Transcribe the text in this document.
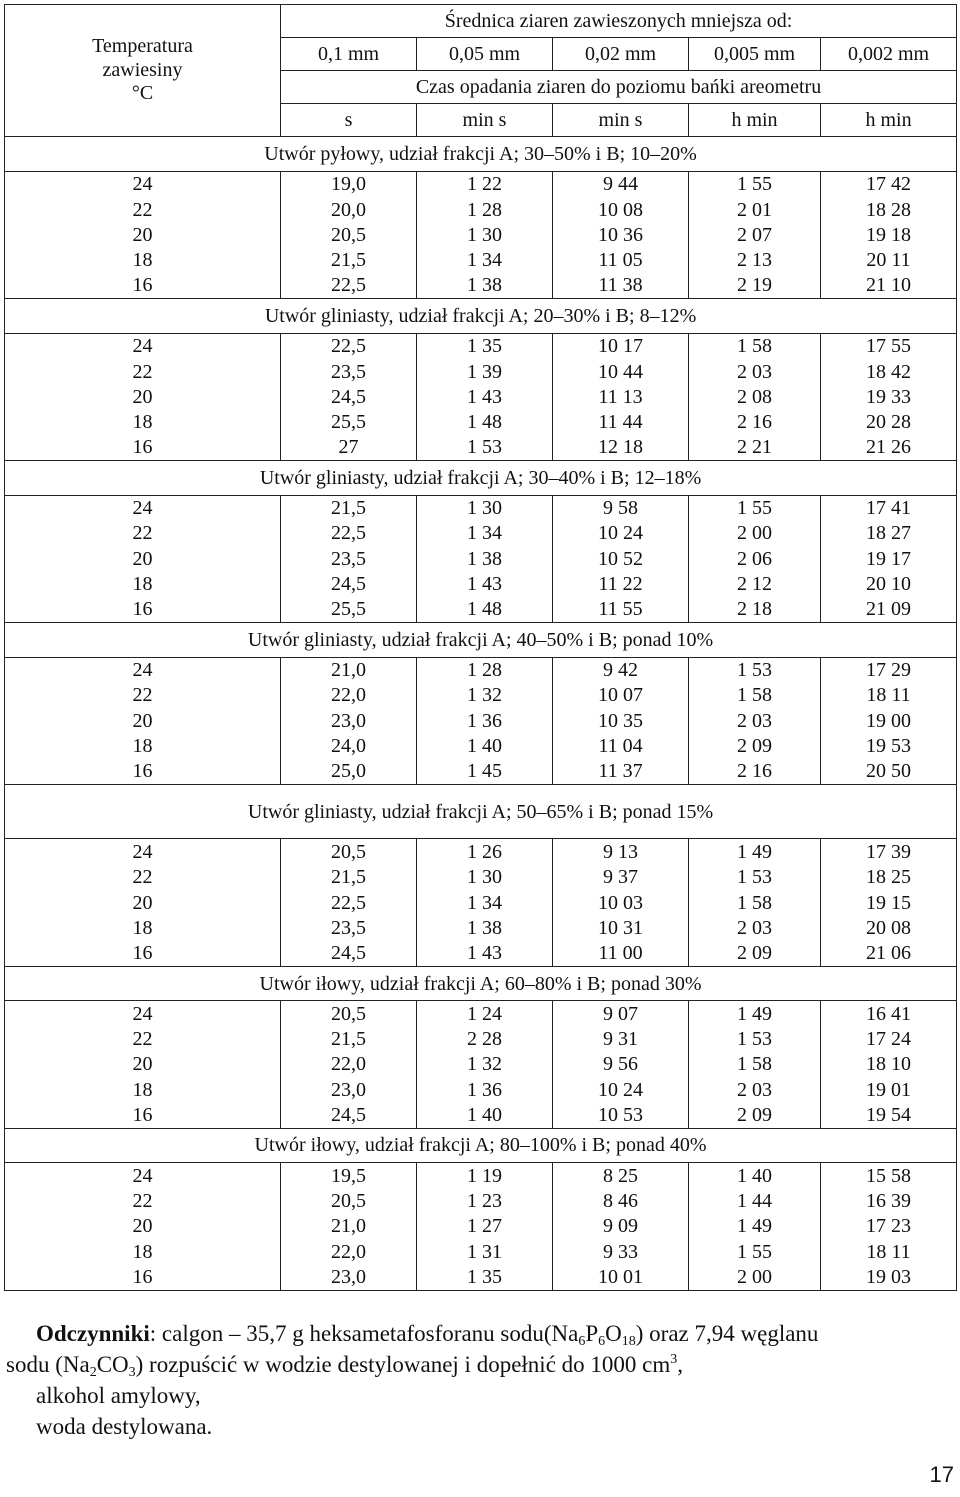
Temperatura
zawiesiny
°C	Średnica ziaren zawieszonych mniejsza od:				
	0,1 mm	0,05 mm	0,02 mm	0,005 mm	0,002 mm
	Czas opadania ziaren do poziomu bańki areometru				
	s	min s	min s	h min	h min
Utwór pyłowy, udział frakcji A; 30–50% i B; 10–20%					
24	19,0	1 22	9 44	1 55	17 42
22	20,0	1 28	10 08	2 01	18 28
20	20,5	1 30	10 36	2 07	19 18
18	21,5	1 34	11 05	2 13	20 11
16	22,5	1 38	11 38	2 19	21 10
Utwór gliniasty, udział frakcji A; 20–30% i B; 8–12%					
24	22,5	1 35	10 17	1 58	17 55
22	23,5	1 39	10 44	2 03	18 42
20	24,5	1 43	11 13	2 08	19 33
18	25,5	1 48	11 44	2 16	20 28
16	27	1 53	12 18	2 21	21 26
Utwór gliniasty, udział frakcji A; 30–40% i B; 12–18%					
24	21,5	1 30	9 58	1 55	17 41
22	22,5	1 34	10 24	2 00	18 27
20	23,5	1 38	10 52	2 06	19 17
18	24,5	1 43	11 22	2 12	20 10
16	25,5	1 48	11 55	2 18	21 09
Utwór gliniasty, udział frakcji A; 40–50% i B; ponad 10%					
24	21,0	1 28	9 42	1 53	17 29
22	22,0	1 32	10 07	1 58	18 11
20	23,0	1 36	10 35	2 03	19 00
18	24,0	1 40	11 04	2 09	19 53
16	25,0	1 45	11 37	2 16	20 50
Utwór gliniasty, udział frakcji A; 50–65% i B; ponad 15%					
24	20,5	1 26	9 13	1 49	17 39
22	21,5	1 30	9 37	1 53	18 25
20	22,5	1 34	10 03	1 58	19 15
18	23,5	1 38	10 31	2 03	20 08
16	24,5	1 43	11 00	2 09	21 06
Utwór iłowy, udział frakcji A; 60–80% i B; ponad 30%					
24	20,5	1 24	9 07	1 49	16 41
22	21,5	2 28	9 31	1 53	17 24
20	22,0	1 32	9 56	1 58	18 10
18	23,0	1 36	10 24	2 03	19 01
16	24,5	1 40	10 53	2 09	19 54
Utwór iłowy, udział frakcji A; 80–100% i B; ponad 40%					
24	19,5	1 19	8 25	1 40	15 58
22	20,5	1 23	8 46	1 44	16 39
20	21,0	1 27	9 09	1 49	17 23
18	22,0	1 31	9 33	1 55	18 11
16	23,0	1 35	10 01	2 00	19 03
Odczynniki: calgon – 35,7 g heksametafosforanu $sodu(Na_6P_6O_{18})$ oraz 7,94 węglanu
sodu $(Na_2CO_3)$ rozpuścić w wodzie destylowanej i dopełnić do 1000 $cm^3$,
alkohol amylowy,
woda destylowana.
17
